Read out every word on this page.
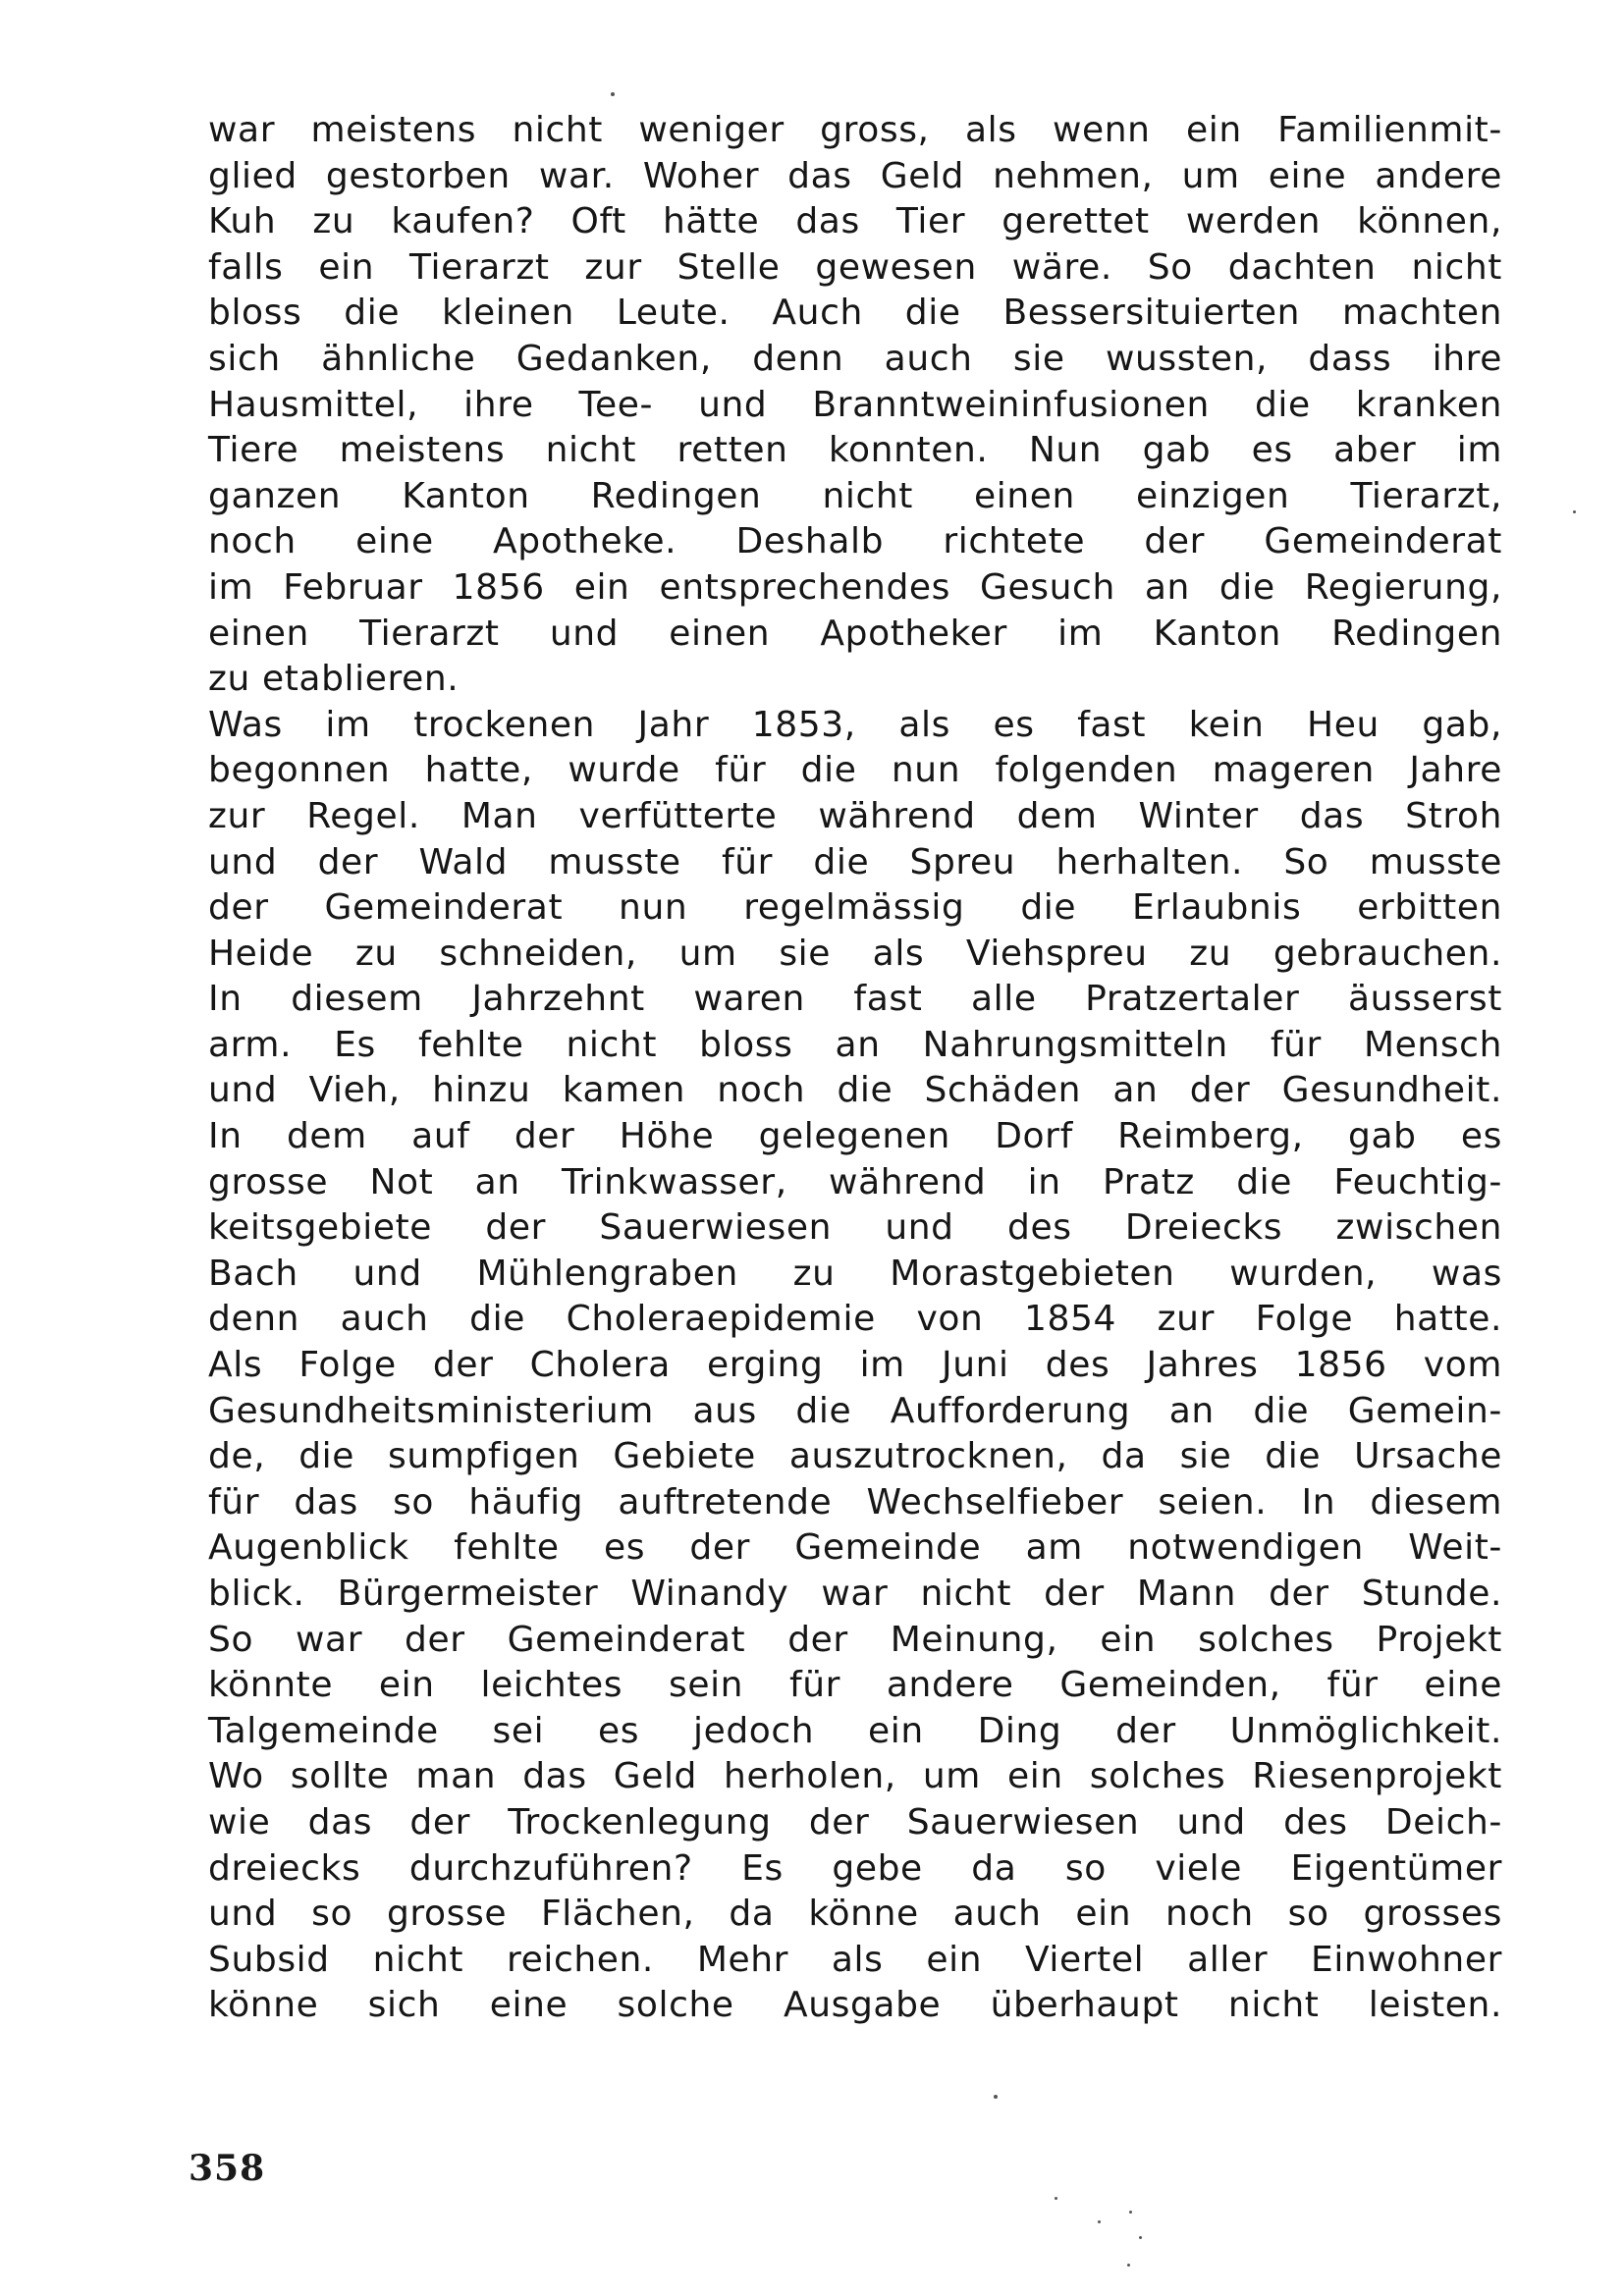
war meistens nicht weniger gross, als wenn ein Familienmit-
glied gestorben war. Woher das Geld nehmen, um eine andere
Kuh zu kaufen? Oft hätte das Tier gerettet werden können,
falls ein Tierarzt zur Stelle gewesen wäre. So dachten nicht
bloss die kleinen Leute. Auch die Bessersituierten machten
sich ähnliche Gedanken, denn auch sie wussten, dass ihre
Hausmittel, ihre Tee- und Branntweininfusionen die kranken
Tiere meistens nicht retten konnten. Nun gab es aber im
ganzen Kanton Redingen nicht einen einzigen Tierarzt,
noch eine Apotheke. Deshalb richtete der Gemeinderat
im Februar 1856 ein entsprechendes Gesuch an die Regierung,
einen Tierarzt und einen Apotheker im Kanton Redingen
zu etablieren.
Was im trockenen Jahr 1853, als es fast kein Heu gab,
begonnen hatte, wurde für die nun folgenden mageren Jahre
zur Regel. Man verfütterte während dem Winter das Stroh
und der Wald musste für die Spreu herhalten. So musste
der Gemeinderat nun regelmässig die Erlaubnis erbitten
Heide zu schneiden, um sie als Viehspreu zu gebrauchen.
In diesem Jahrzehnt waren fast alle Pratzertaler äusserst
arm. Es fehlte nicht bloss an Nahrungsmitteln für Mensch
und Vieh, hinzu kamen noch die Schäden an der Gesundheit.
In dem auf der Höhe gelegenen Dorf Reimberg, gab es
grosse Not an Trinkwasser, während in Pratz die Feuchtig-
keitsgebiete der Sauerwiesen und des Dreiecks zwischen
Bach und Mühlengraben zu Morastgebieten wurden, was
denn auch die Choleraepidemie von 1854 zur Folge hatte.
Als Folge der Cholera erging im Juni des Jahres 1856 vom
Gesundheitsministerium aus die Aufforderung an die Gemein-
de, die sumpfigen Gebiete auszutrocknen, da sie die Ursache
für das so häufig auftretende Wechselfieber seien. In diesem
Augenblick fehlte es der Gemeinde am notwendigen Weit-
blick. Bürgermeister Winandy war nicht der Mann der Stunde.
So war der Gemeinderat der Meinung, ein solches Projekt
könnte ein leichtes sein für andere Gemeinden, für eine
Talgemeinde sei es jedoch ein Ding der Unmöglichkeit.
Wo sollte man das Geld herholen, um ein solches Riesenprojekt
wie das der Trockenlegung der Sauerwiesen und des Deich-
dreiecks durchzuführen? Es gebe da so viele Eigentümer
und so grosse Flächen, da könne auch ein noch so grosses
Subsid nicht reichen. Mehr als ein Viertel aller Einwohner
könne sich eine solche Ausgabe überhaupt nicht leisten.
358
